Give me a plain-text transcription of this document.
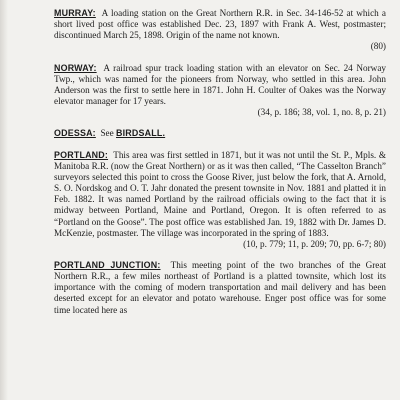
MURRAY: A loading station on the Great Northern R.R. in Sec. 34-146-52 at which a short lived post office was established Dec. 23, 1897 with Frank A. West, postmaster; discontinued March 25, 1898. Origin of the name not known.

(80)

NORWAY: A railroad spur track loading station with an elevator on Sec. 24 Norway Twp., which was named for the pioneers from Norway, who settled in this area. John Anderson was the first to settle here in 1871. John H. Coulter of Oakes was the Norway elevator manager for 17 years.

(34, p. 186; 38, vol. 1, no. 8, p. 21)

ODESSA: See BIRDSALL.

PORTLAND: This area was first settled in 1871, but it was not until the St. P., Mpls. & Manitoba R.R. (now the Great Northern) or as it was then called, “The Casselton Branch” surveyors selected this point to cross the Goose River, just below the fork, that A. Arnold, S. O. Nordskog and O. T. Jahr donated the present townsite in Nov. 1881 and platted it in Feb. 1882. It was named Portland by the railroad officials owing to the fact that it is midway between Portland, Maine and Portland, Oregon. It is often referred to as “Portland on the Goose”. The post office was established Jan. 19, 1882 with Dr. James D. McKenzie, postmaster. The village was incorporated in the spring of 1883.

(10, p. 779; 11, p. 209; 70, pp. 6-7; 80)

PORTLAND JUNCTION: This meeting point of the two branches of the Great Northern R.R., a few miles northeast of Portland is a platted townsite, which lost its importance with the coming of modern transportation and mail delivery and has been deserted except for an elevator and potato warehouse. Enger post office was for some time located here as
